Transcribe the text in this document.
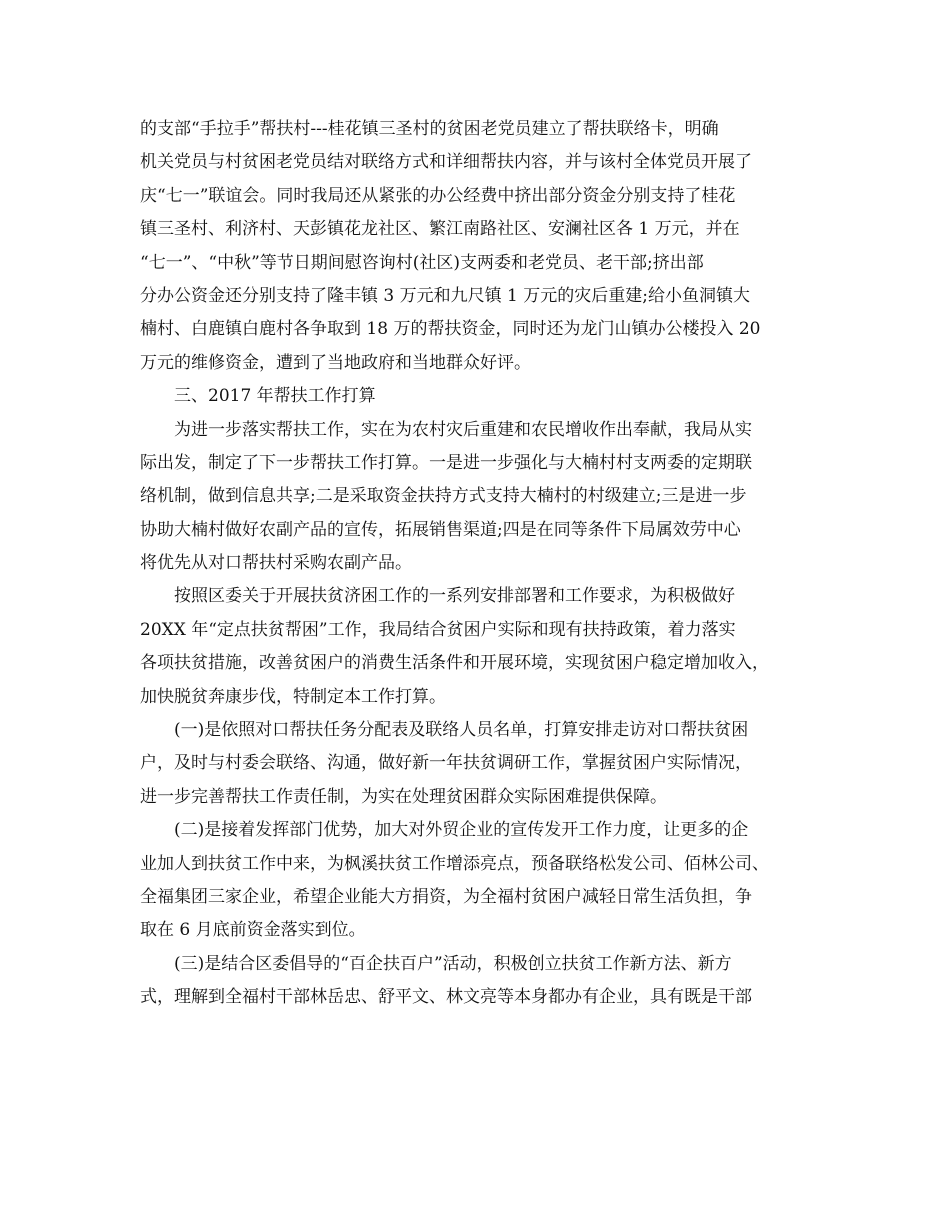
的支部“手拉手”帮扶村---桂花镇三圣村的贫困老党员建立了帮扶联络卡，明确
机关党员与村贫困老党员结对联络方式和详细帮扶内容，并与该村全体党员开展了
庆“七一”联谊会。同时我局还从紧张的办公经费中挤出部分资金分别支持了桂花
镇三圣村、利济村、天彭镇花龙社区、繁江南路社区、安澜社区各 1 万元，并在
“七一”、“中秋”等节日期间慰咨询村(社区)支两委和老党员、老干部;挤出部
分办公资金还分别支持了隆丰镇 3 万元和九尺镇 1 万元的灾后重建;给小鱼洞镇大
楠村、白鹿镇白鹿村各争取到 18 万的帮扶资金，同时还为龙门山镇办公楼投入 20
万元的维修资金，遭到了当地政府和当地群众好评。
　　三、2017 年帮扶工作打算
　　为进一步落实帮扶工作，实在为农村灾后重建和农民增收作出奉献，我局从实
际出发，制定了下一步帮扶工作打算。一是进一步强化与大楠村村支两委的定期联
络机制，做到信息共享;二是采取资金扶持方式支持大楠村的村级建立;三是进一步
协助大楠村做好农副产品的宣传，拓展销售渠道;四是在同等条件下局属效劳中心
将优先从对口帮扶村采购农副产品。
　　按照区委关于开展扶贫济困工作的一系列安排部署和工作要求，为积极做好
20XX 年“定点扶贫帮困”工作，我局结合贫困户实际和现有扶持政策，着力落实
各项扶贫措施，改善贫困户的消费生活条件和开展环境，实现贫困户稳定增加收入，
加快脱贫奔康步伐，特制定本工作打算。
　　(一)是依照对口帮扶任务分配表及联络人员名单，打算安排走访对口帮扶贫困
户，及时与村委会联络、沟通，做好新一年扶贫调研工作，掌握贫困户实际情况，
进一步完善帮扶工作责任制，为实在处理贫困群众实际困难提供保障。
　　(二)是接着发挥部门优势，加大对外贸企业的宣传发开工作力度，让更多的企
业加人到扶贫工作中来，为枫溪扶贫工作增添亮点，预备联络松发公司、佰林公司、
全福集团三家企业，希望企业能大方捐资，为全福村贫困户减轻日常生活负担，争
取在 6 月底前资金落实到位。
　　(三)是结合区委倡导的“百企扶百户”活动，积极创立扶贫工作新方法、新方
式，理解到全福村干部林岳忠、舒平文、林文亮等本身都办有企业，具有既是干部
